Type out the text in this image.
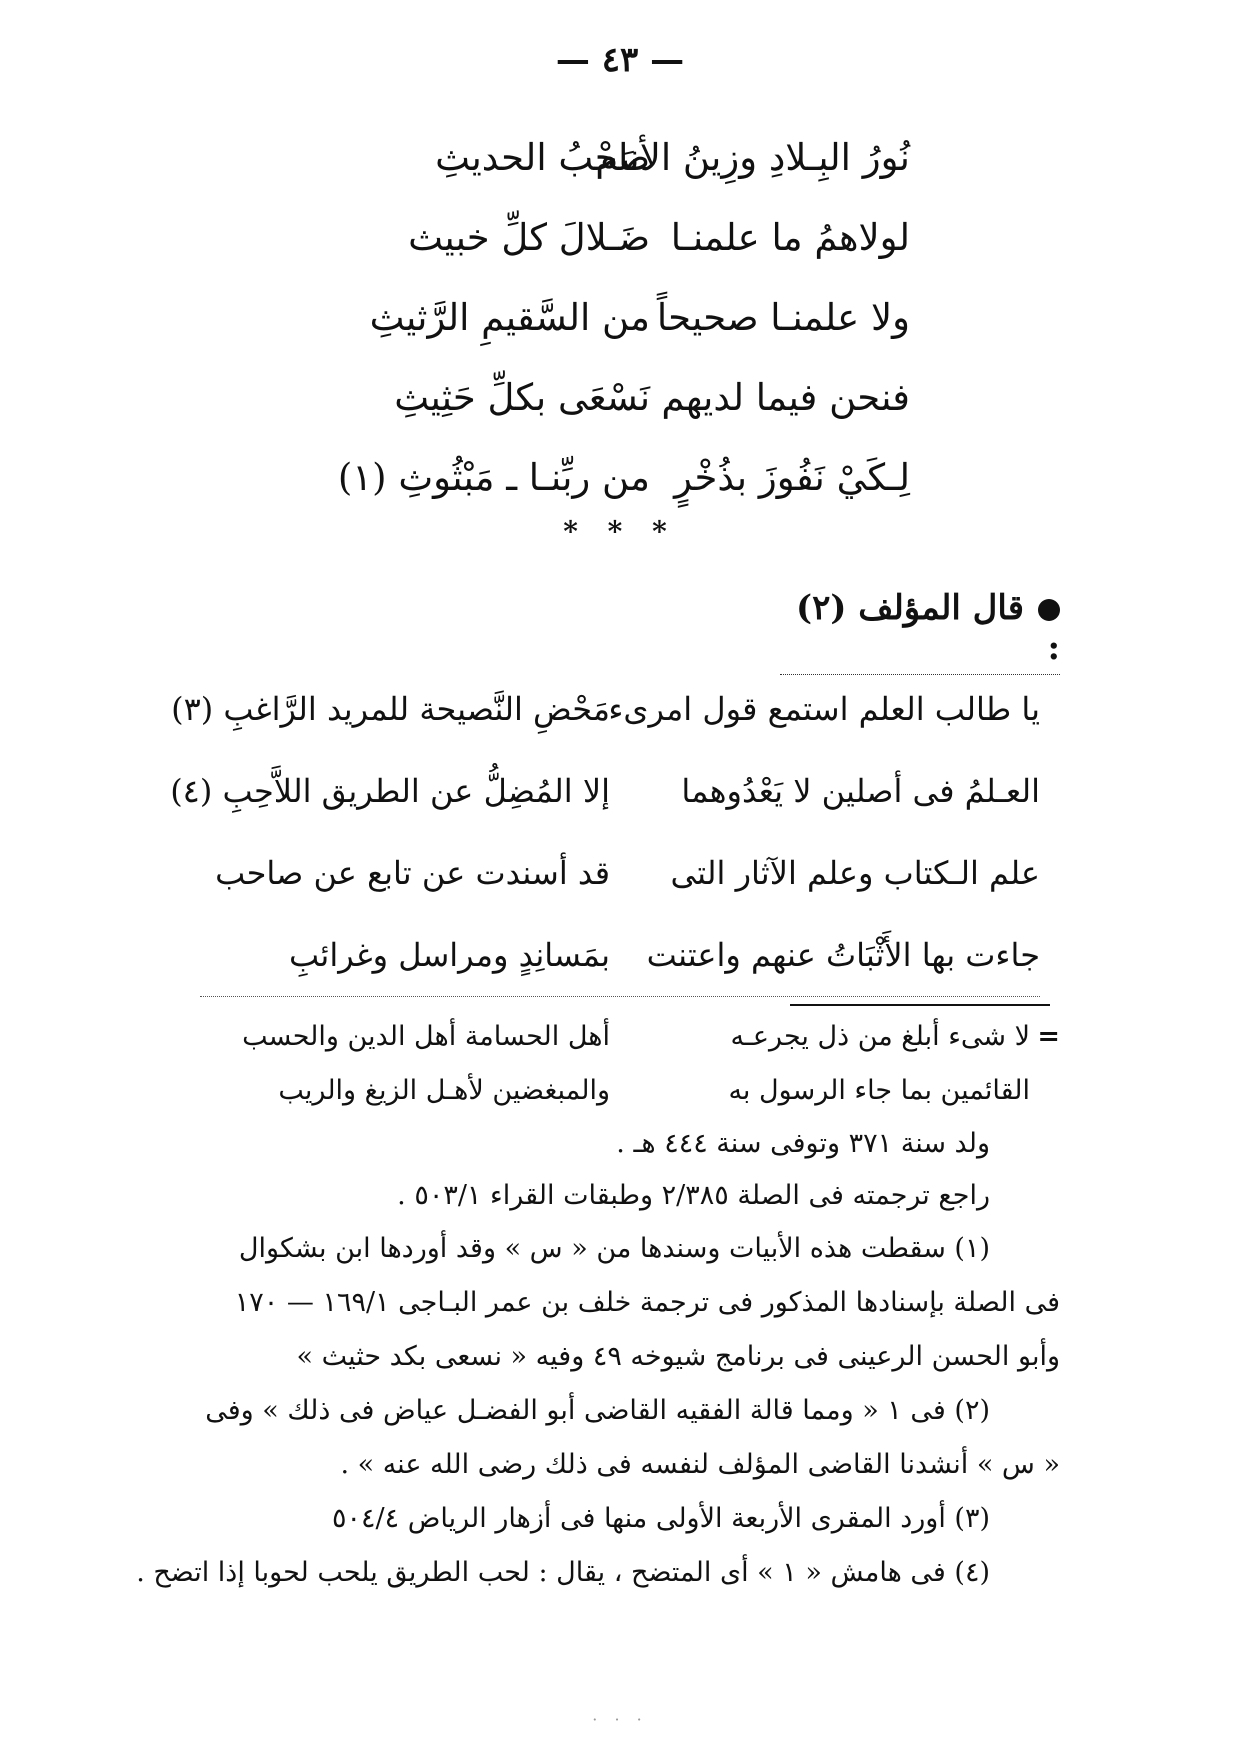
— ٤٣ —
نُورُ البِـلادِ وزِينُ الأنامصَحْبُ الحديثِ
لولاهمُ ما علمنـاضَـلالَ كلِّ خبيث
ولا علمنـا صحيحاًمن السَّقيمِ الرَّثيثِ
فنحن فيما لديهمنَسْعَى بكلِّ حَثِيثِ
لِـكَيْ نَفُوزَ بذُخْرٍمن ربِّنـا ـ مَبْثُوثِ (١)
* * *
قال المؤلف (٢) :
يا طالب العلم استمع قول امرىءمَحْضِ النَّصيحة للمريد الرَّاغبِ (٣)
العـلمُ فى أصلين لا يَعْدُوهماإلا المُضِلُّ عن الطريق اللاَّحِبِ (٤)
علم الـكتاب وعلم الآثار التىقد أسندت عن تابع عن صاحب
جاءت بها الأَثْبَاتُ عنهم واعتنتبمَسانِدٍ ومراسل وغرائبِ
=لا شىء أبلغ من ذل يجرعـهأهل الحسامة أهل الدين والحسب
القائمين بما جاء الرسول بهوالمبغضين لأهـل الزيغ والريب
ولد سنة ٣٧١ وتوفى سنة ٤٤٤ هـ .
راجع ترجمته فى الصلة ٢/٣٨٥ وطبقات القراء ٥٠٣/١ .
(١) سقطت هذه الأبيات وسندها من « س » وقد أوردها ابن بشكوال
فى الصلة بإسنادها المذكور فى ترجمة خلف بن عمر البـاجى ١٦٩/١ — ١٧٠
وأبو الحسن الرعينى فى برنامج شيوخه ٤٩ وفيه « نسعى بكد حثيث »
(٢) فى ١ « ومما قالة الفقيه القاضى أبو الفضـل عياض فى ذلك » وفى
« س » أنشدنا القاضى المؤلف لنفسه فى ذلك رضى الله عنه » .
(٣) أورد المقرى الأربعة الأولى منها فى أزهار الرياض ٥٠٤/٤
(٤) فى هامش « ١ » أى المتضح ، يقال : لحب الطريق يلحب لحوبا إذا اتضح .
· · ·
